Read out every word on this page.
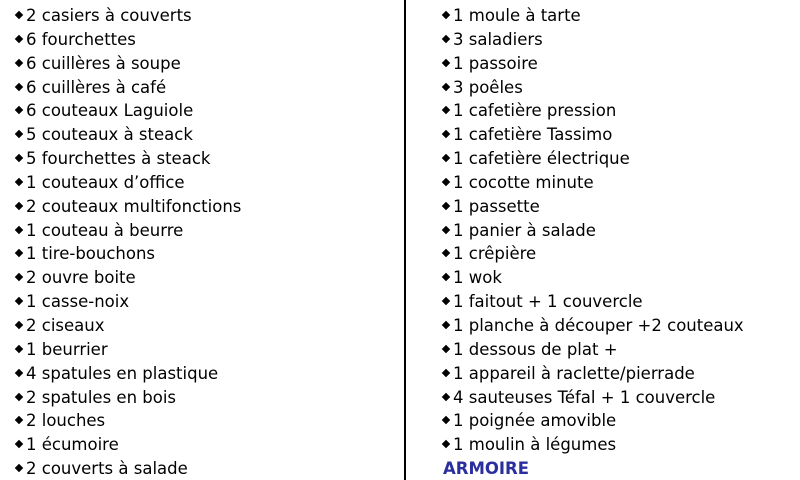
2 casiers à couverts
6 fourchettes
6 cuillères à soupe
6 cuillères à café
6 couteaux Laguiole
5 couteaux à steack
5 fourchettes à steack
1 couteaux d’office
2 couteaux multifonctions
1 couteau à beurre
1 tire-bouchons
2 ouvre boite
1 casse-noix
2 ciseaux
1 beurrier
4 spatules en plastique
2 spatules en bois
2 louches
1 écumoire
2 couverts à salade
1 moule à tarte
3 saladiers
1 passoire
3 poêles
1 cafetière pression
1 cafetière Tassimo
1 cafetière électrique
1 cocotte minute
1 passette
1 panier à salade
1 crêpière
1 wok
1 faitout + 1 couvercle
1 planche à découper +2 couteaux
1 dessous de plat +
1 appareil à raclette/pierrade
4 sauteuses Téfal + 1 couvercle
1 poignée amovible
1 moulin à légumes
ARMOIRE
